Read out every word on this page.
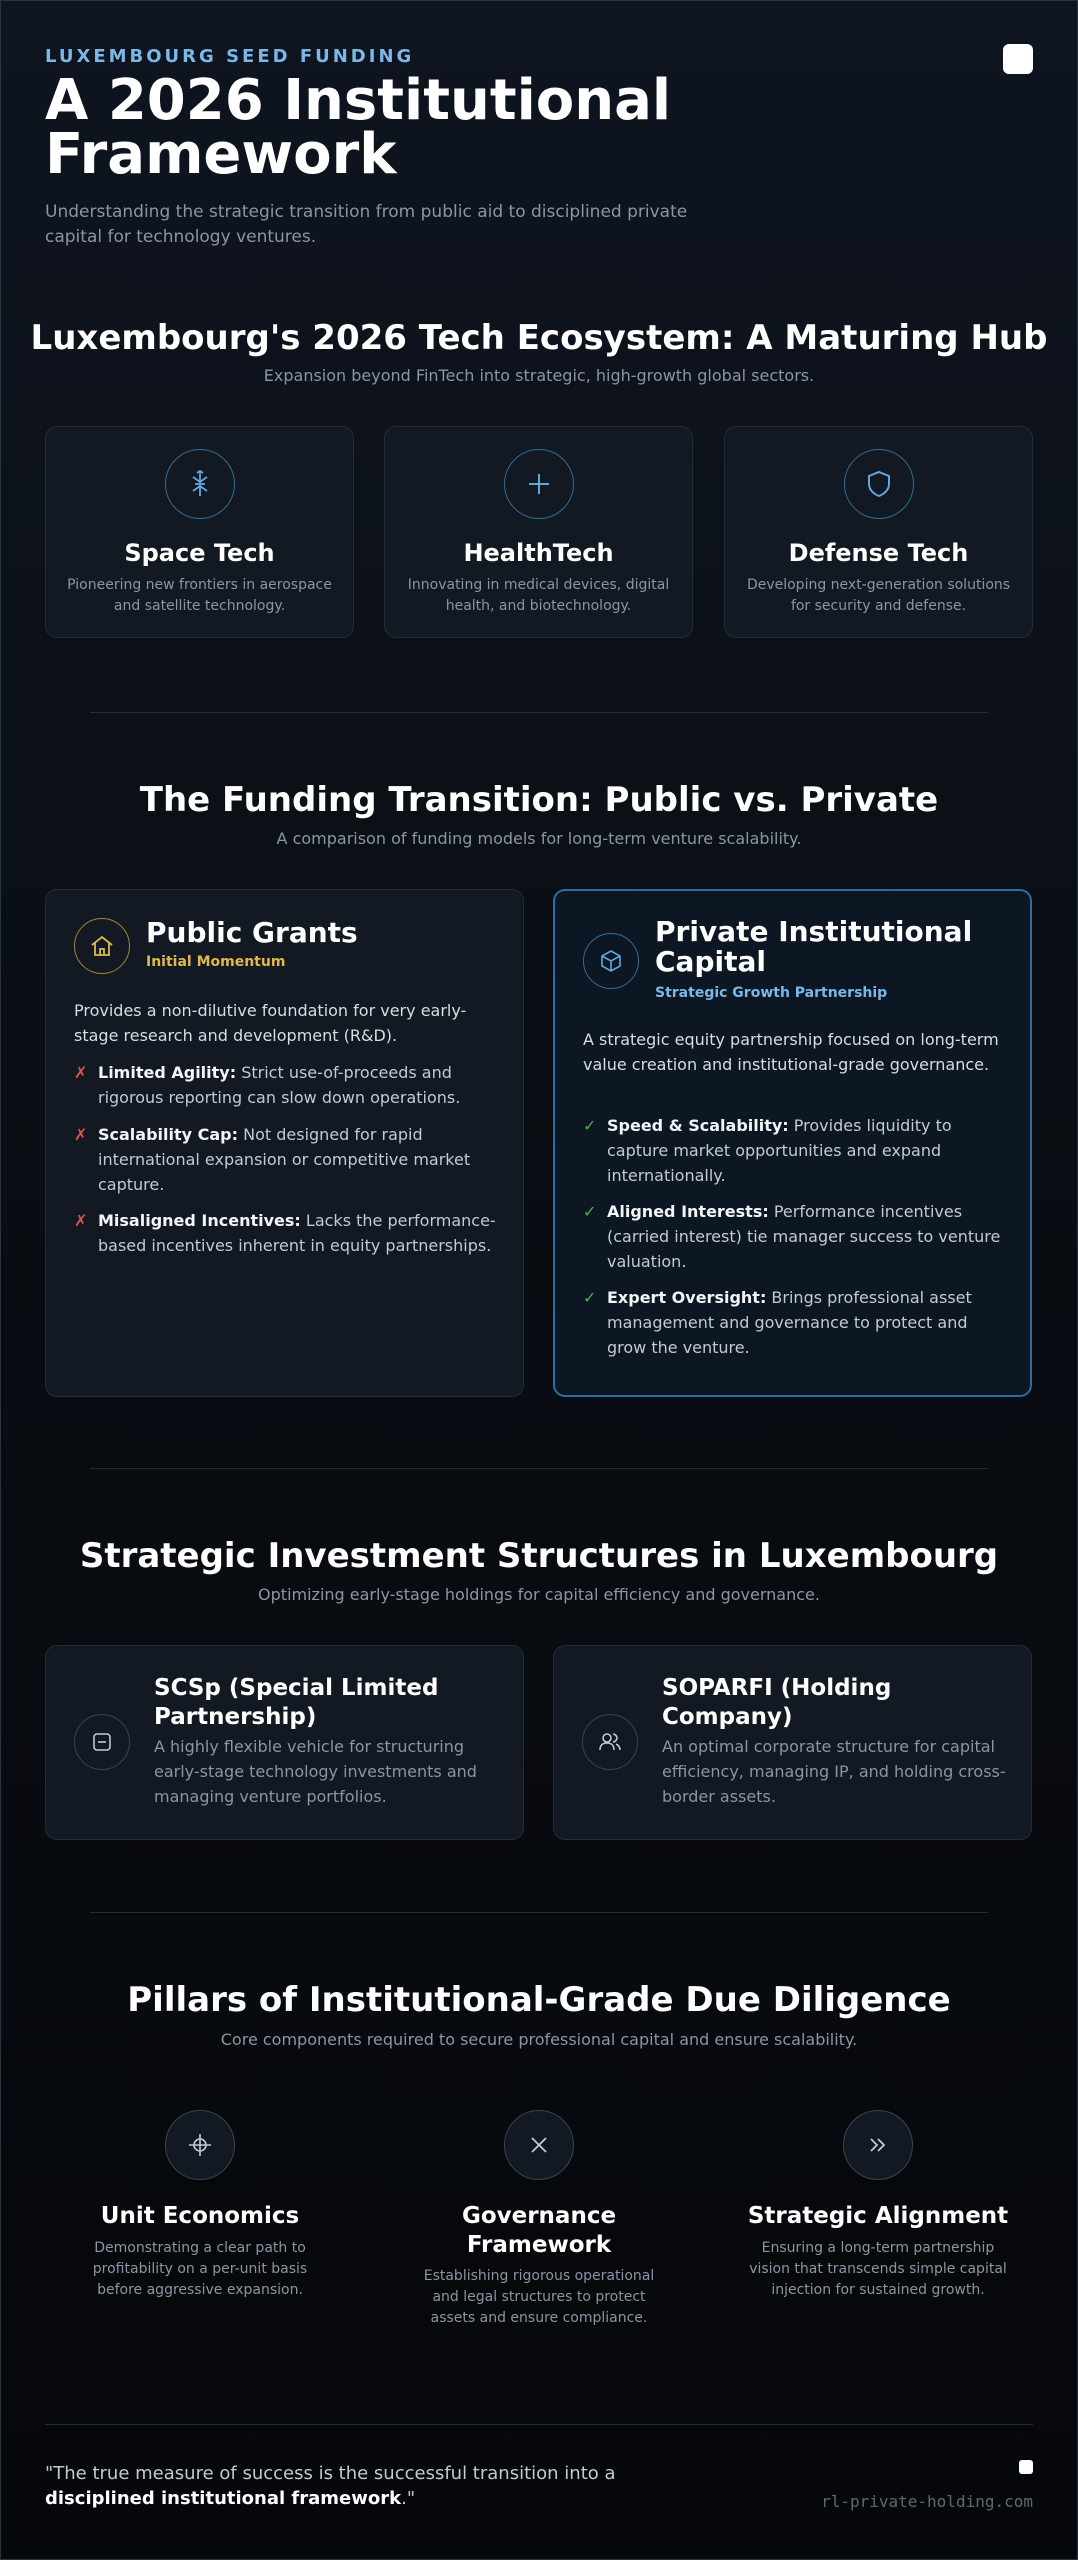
LUXEMBOURG SEED FUNDING
A 2026 Institutional Framework

Understanding the strategic transition from public aid to disciplined private capital for technology ventures.

Luxembourg's 2026 Tech Ecosystem: A Maturing Hub
Expansion beyond FinTech into strategic, high-growth global sectors.
Space Tech
Pioneering new frontiers in aerospace and satellite technology.
HealthTech
Innovating in medical devices, digital health, and biotechnology.
Defense Tech
Developing next-generation solutions for security and defense.
The Funding Transition: Public vs. Private
A comparison of funding models for long-term venture scalability.
Public Grants
Initial Momentum
Provides a non-dilutive foundation for very early-stage research and development (R&D).
✗ Limited Agility: Strict use-of-proceeds and rigorous reporting can slow down operations.
✗ Scalability Cap: Not designed for rapid international expansion or competitive market capture.
✗ Misaligned Incentives: Lacks the performance-based incentives inherent in equity partnerships.
Private Institutional Capital
Strategic Growth Partnership
A strategic equity partnership focused on long-term value creation and institutional-grade governance.
✓ Speed & Scalability: Provides liquidity to capture market opportunities and expand internationally.
✓ Aligned Interests: Performance incentives (carried interest) tie manager success to venture valuation.
✓ Expert Oversight: Brings professional asset management and governance to protect and grow the venture.
Strategic Investment Structures in Luxembourg
Optimizing early-stage holdings for capital efficiency and governance.
SCSp (Special Limited Partnership)
A highly flexible vehicle for structuring early-stage technology investments and managing venture portfolios.
SOPARFI (Holding Company)
An optimal corporate structure for capital efficiency, managing IP, and holding cross-border assets.
Pillars of Institutional-Grade Due Diligence
Core components required to secure professional capital and ensure scalability.
Unit Economics
Demonstrating a clear path to profitability on a per-unit basis before aggressive expansion.
Governance Framework
Establishing rigorous operational and legal structures to protect assets and ensure compliance.
Strategic Alignment
Ensuring a long-term partnership vision that transcends simple capital injection for sustained growth.

"The true measure of success is the successful transition into a disciplined institutional framework."	rl-private-holding.com
